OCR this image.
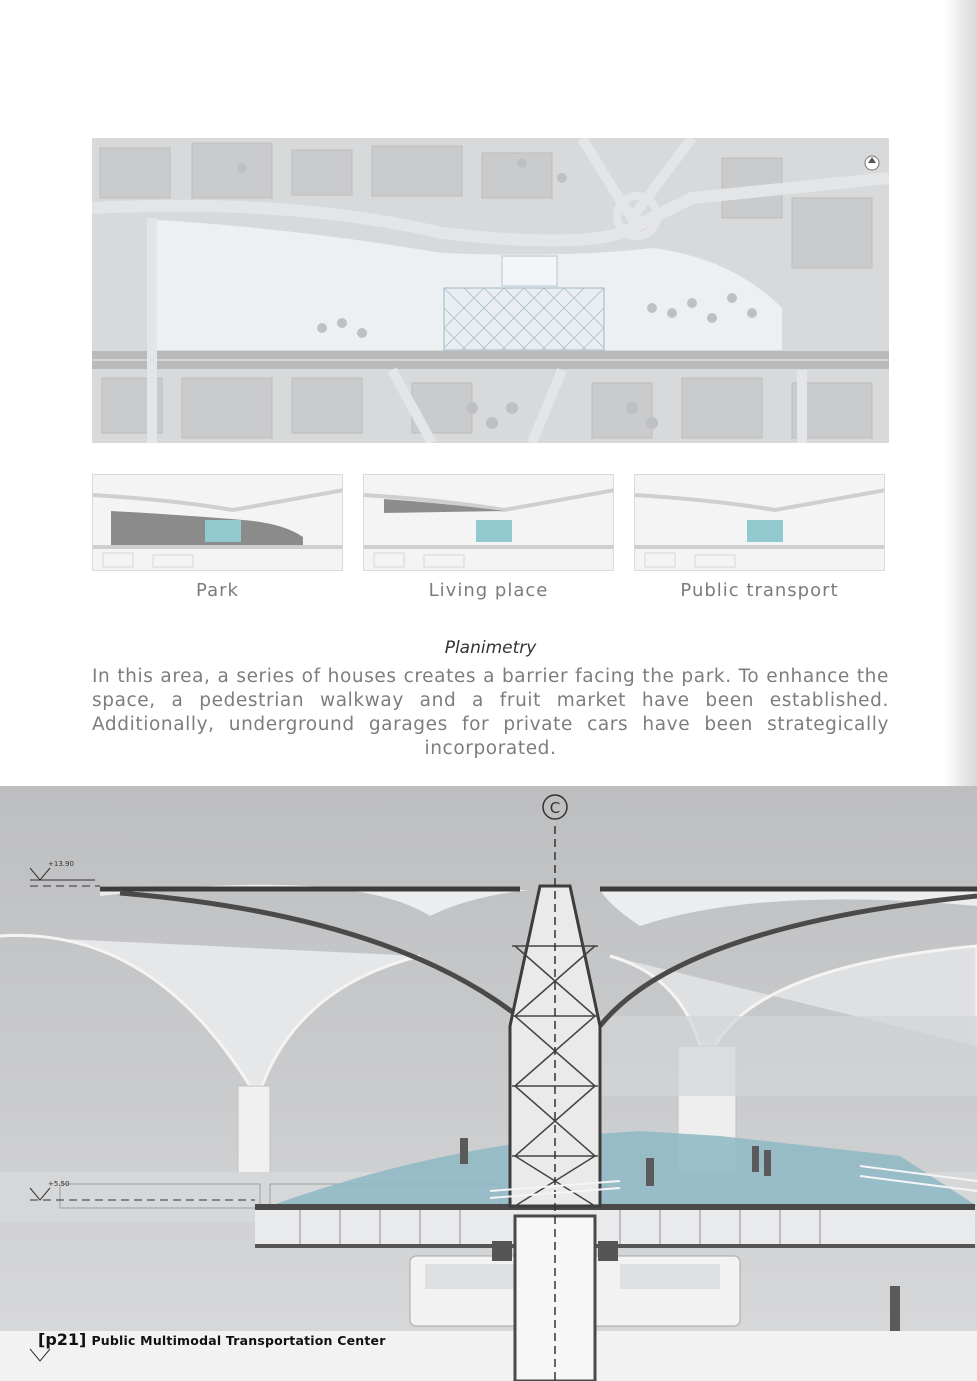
Park	Living place	Public transport
Planimetry

In this area, a series of houses creates a barrier facing the park. To enhance the space, a pedestrian walkway and a fruit market have been established. Additionally, underground garages for private cars have been strategically incorporated.

C
+13.90
+5.50
[p21] Public Multimodal Transportation Center
